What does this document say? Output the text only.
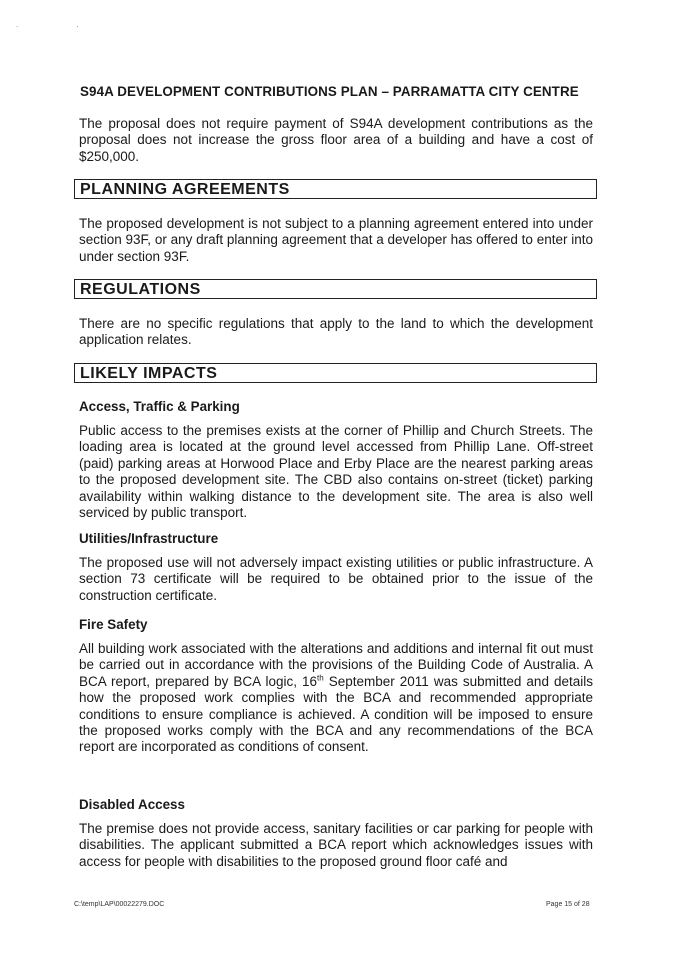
. .
S94A DEVELOPMENT CONTRIBUTIONS PLAN – PARRAMATTA CITY CENTRE

The proposal does not require payment of S94A development contributions as the proposal does not increase the gross floor area of a building and have a cost of $250,000.

PLANNING AGREEMENTS

The proposed development is not subject to a planning agreement entered into under section 93F, or any draft planning agreement that a developer has offered to enter into under section 93F.

REGULATIONS

There are no specific regulations that apply to the land to which the development application relates.

LIKELY IMPACTS
Access, Traffic & Parking

Public access to the premises exists at the corner of Phillip and Church Streets. The loading area is located at the ground level accessed from Phillip Lane. Off-street (paid) parking areas at Horwood Place and Erby Place are the nearest parking areas to the proposed development site. The CBD also contains on-street (ticket) parking availability within walking distance to the development site. The area is also well serviced by public transport.

Utilities/Infrastructure

The proposed use will not adversely impact existing utilities or public infrastructure. A section 73 certificate will be required to be obtained prior to the issue of the construction certificate.

Fire Safety

All building work associated with the alterations and additions and internal fit out must be carried out in accordance with the provisions of the Building Code of Australia. A BCA report, prepared by BCA logic, 16th September 2011 was submitted and details how the proposed work complies with the BCA and recommended appropriate conditions to ensure compliance is achieved. A condition will be imposed to ensure the proposed works comply with the BCA and any recommendations of the BCA report are incorporated as conditions of consent.

Disabled Access

The premise does not provide access, sanitary facilities or car parking for people with disabilities. The applicant submitted a BCA report which acknowledges issues with access for people with disabilities to the proposed ground floor café and

C:\temp\LAP\00022279.DOC	Page 15 of 28
